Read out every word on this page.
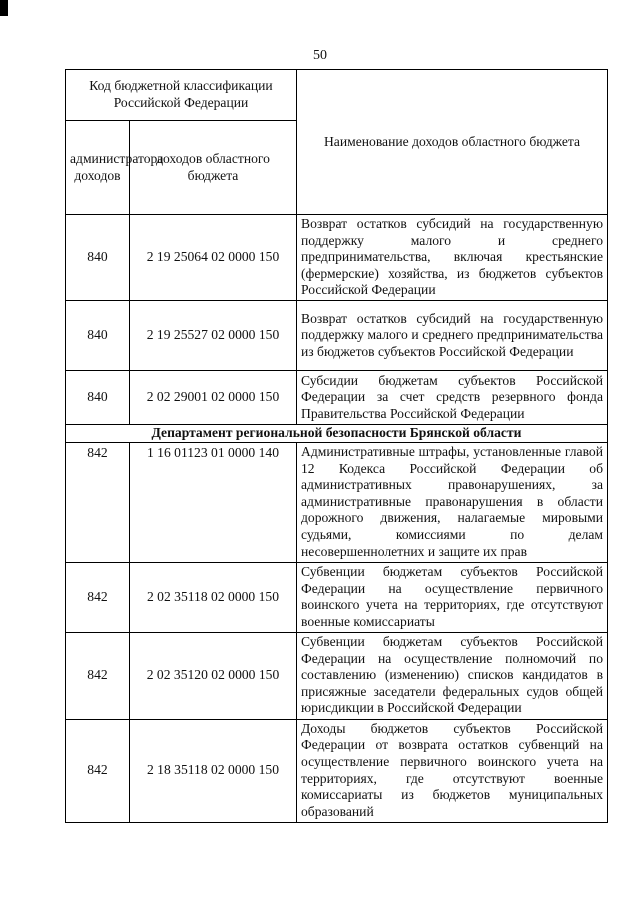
50
Код бюджетной классификации Российской Федерации		Наименование доходов областного бюджета
администратора доходов	доходов областного бюджета	
840	2 19 25064 02 0000 150	Возврат остатков субсидий на государственную поддержку малого и среднего предпринимательства, включая крестьянские (фермерские) хозяйства, из бюджетов субъектов Российской Федерации
840	2 19 25527 02 0000 150	Возврат остатков субсидий на государственную поддержку малого и среднего предпринимательства из бюджетов субъектов Российской Федерации
840	2 02 29001 02 0000 150	Субсидии бюджетам субъектов Российской Федерации за счет средств резервного фонда Правительства Российской Федерации
Департамент региональной безопасности Брянской области		
842	1 16 01123 01 0000 140	Административные штрафы, установленные главой 12 Кодекса Российской Федерации об административных правонарушениях, за административные правонарушения в области дорожного движения, налагаемые мировыми судьями, комиссиями по делам несовершеннолетних и защите их прав
842	2 02 35118 02 0000 150	Субвенции бюджетам субъектов Российской Федерации на осуществление первичного воинского учета на территориях, где отсутствуют военные комиссариаты
842	2 02 35120 02 0000 150	Субвенции бюджетам субъектов Российской Федерации на осуществление полномочий по составлению (изменению) списков кандидатов в присяжные заседатели федеральных судов общей юрисдикции в Российской Федерации
842	2 18 35118 02 0000 150	Доходы бюджетов субъектов Российской Федерации от возврата остатков субвенций на осуществление первичного воинского учета на территориях, где отсутствуют военные комиссариаты из бюджетов муниципальных образований
